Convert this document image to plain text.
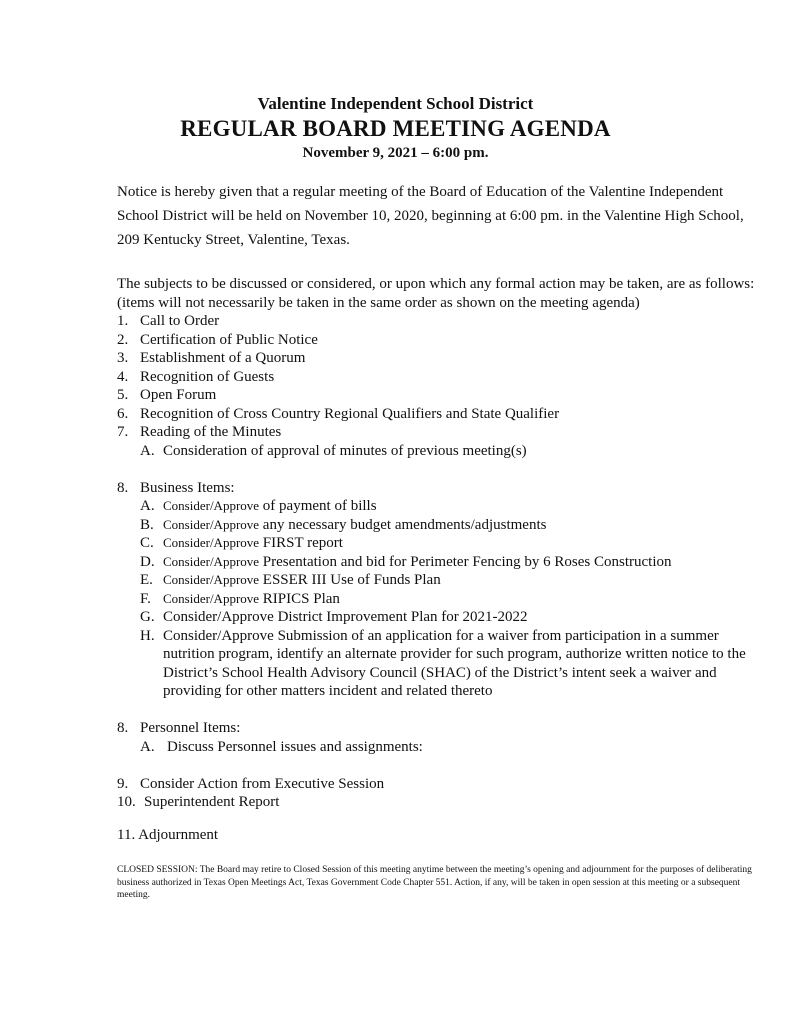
Valentine Independent School District
REGULAR BOARD MEETING AGENDA
November 9, 2021 – 6:00 pm.
Notice is hereby given that a regular meeting of the Board of Education of the Valentine Independent School District will be held on November 10, 2020, beginning at 6:00 pm. in the Valentine High School, 209 Kentucky Street, Valentine, Texas.
The subjects to be discussed or considered, or upon which any formal action may be taken, are as follows: (items will not necessarily be taken in the same order as shown on the meeting agenda)
1. Call to Order
2. Certification of Public Notice
3. Establishment of a Quorum
4. Recognition of Guests
5. Open Forum
6. Recognition of Cross Country Regional Qualifiers and State Qualifier
7. Reading of the Minutes
A. Consideration of approval of minutes of previous meeting(s)
8. Business Items:
A. Consider/Approve of payment of bills
B. Consider/Approve any necessary budget amendments/adjustments
C. Consider/Approve FIRST report
D. Consider/Approve Presentation and bid for Perimeter Fencing by 6 Roses Construction
E. Consider/Approve ESSER III Use of Funds Plan
F. Consider/Approve RIPICS Plan
G. Consider/Approve District Improvement Plan for 2021-2022
H. Consider/Approve Submission of an application for a waiver from participation in a summer nutrition program, identify an alternate provider for such program, authorize written notice to the District’s School Health Advisory Council (SHAC) of the District’s intent seek a waiver and providing for other matters incident and related thereto
8. Personnel Items:
A. Discuss Personnel issues and assignments:
9. Consider Action from Executive Session
10. Superintendent Report
11. Adjournment
CLOSED SESSION: The Board may retire to Closed Session of this meeting anytime between the meeting’s opening and adjournment for the purposes of deliberating business authorized in Texas Open Meetings Act, Texas Government Code Chapter 551. Action, if any, will be taken in open session at this meeting or a subsequent meeting.
